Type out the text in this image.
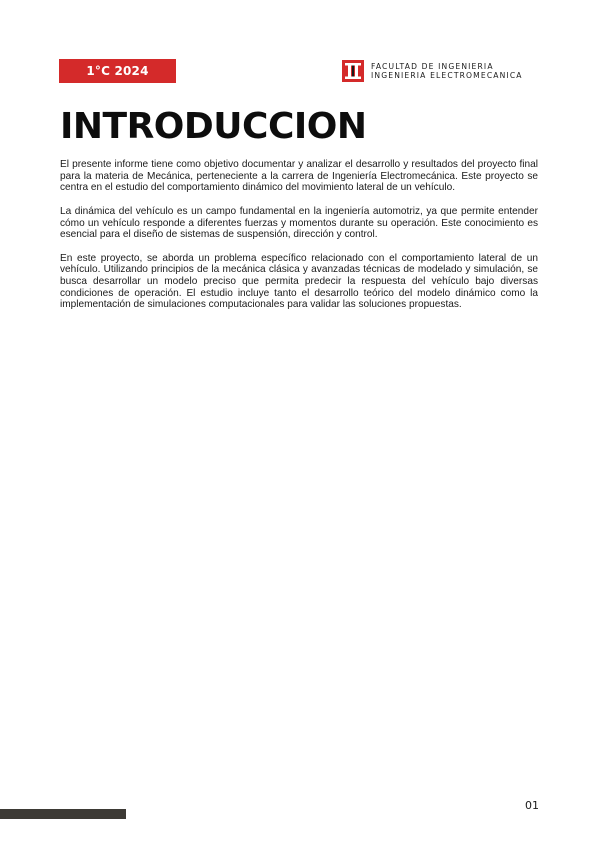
1°C 2024	FACULTAD DE INGENIERIA
INGENIERIA ELECTROMECANICA
INTRODUCCION

El presente informe tiene como objetivo documentar y analizar el desarrollo y resultados del proyecto final para la materia de Mecánica, perteneciente a la carrera de Ingeniería Electromecánica. Este proyecto se centra en el estudio del comportamiento dinámico del movimiento lateral de un vehículo.

La dinámica del vehículo es un campo fundamental en la ingeniería automotriz, ya que permite entender cómo un vehículo responde a diferentes fuerzas y momentos durante su operación. Este conocimiento es esencial para el diseño de sistemas de suspensión, dirección y control.

En este proyecto, se aborda un problema específico relacionado con el comportamiento lateral de un vehículo. Utilizando principios de la mecánica clásica y avanzadas técnicas de modelado y simulación, se busca desarrollar un modelo preciso que permita predecir la respuesta del vehículo bajo diversas condiciones de operación. El estudio incluye tanto el desarrollo teórico del modelo dinámico como la implementación de simulaciones computacionales para validar las soluciones propuestas.

01
